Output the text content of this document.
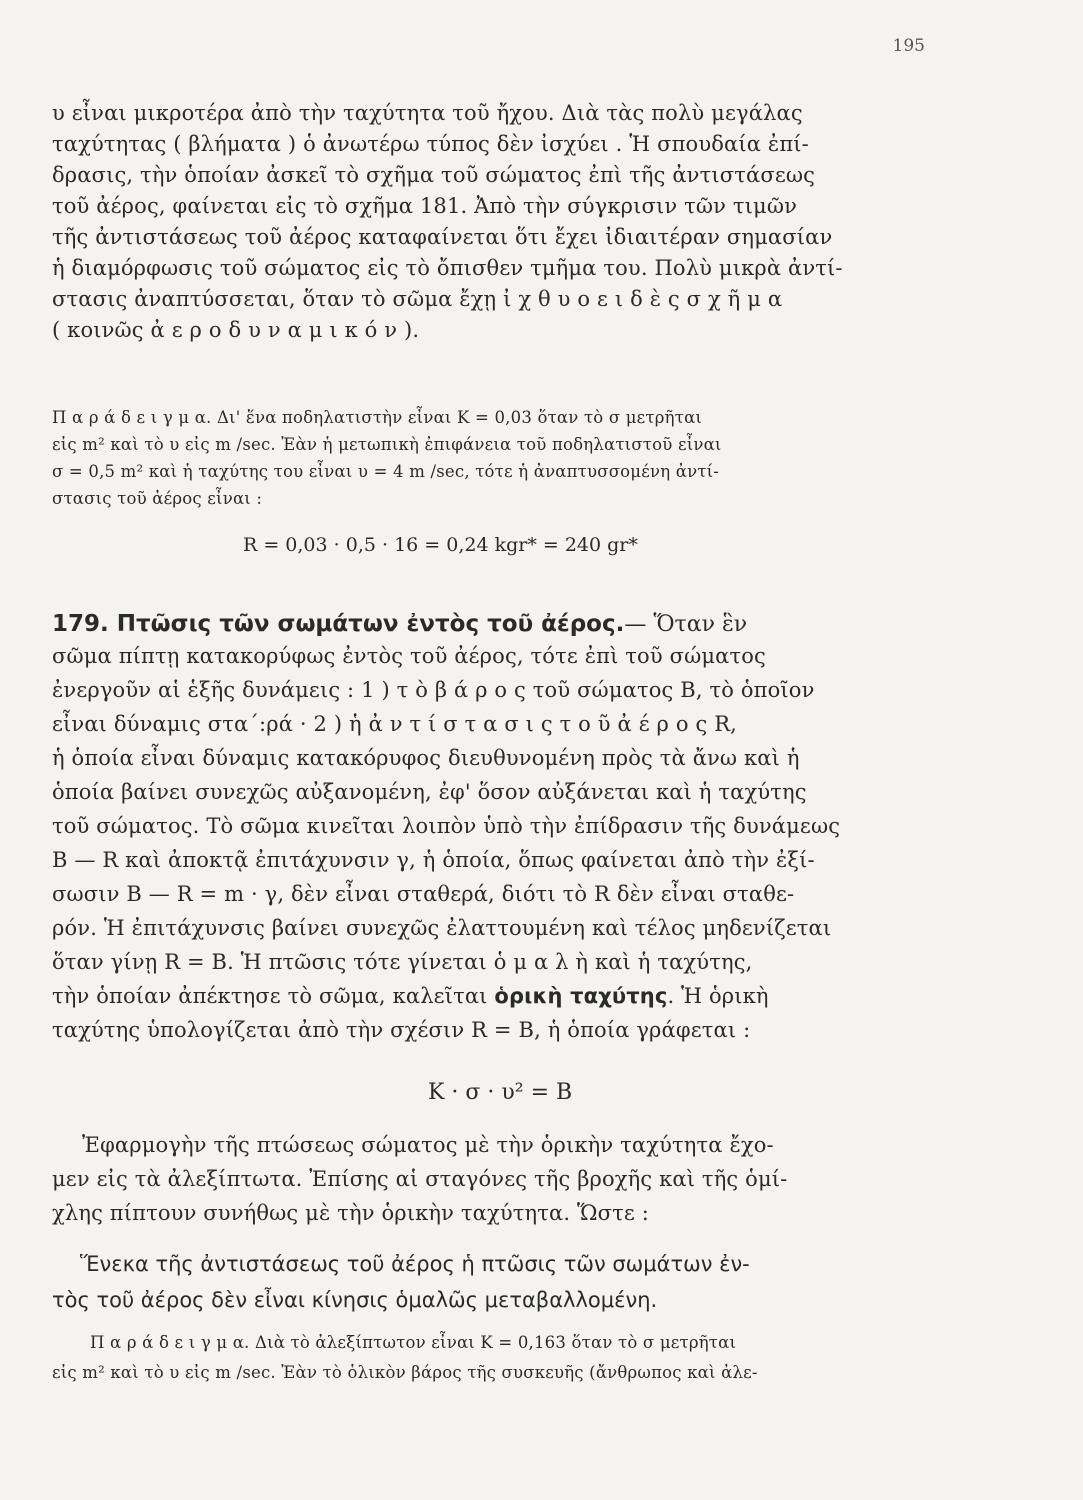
195
υ εἶναι μικροτέρα ἀπὸ τὴν ταχύτητα τοῦ ἤχου. Διὰ τὰς πολὺ μεγάλας
ταχύτητας ( βλήματα ) ὁ ἀνωτέρω τύπος δὲν ἰσχύει . Ἡ σπουδαία ἐπί-
δρασις, τὴν ὁποίαν ἀσκεῖ τὸ σχῆμα τοῦ σώματος ἐπὶ τῆς ἀντιστάσεως
τοῦ ἀέρος, φαίνεται εἰς τὸ σχῆμα 181. Ἀπὸ τὴν σύγκρισιν τῶν τιμῶν
τῆς ἀντιστάσεως τοῦ ἀέρος καταφαίνεται ὅτι ἔχει ἰδιαιτέραν σημασίαν
ἡ διαμόρφωσις τοῦ σώματος εἰς τὸ ὄπισθεν τμῆμα του. Πολὺ μικρὰ ἀντί-
στασις ἀναπτύσσεται, ὅταν τὸ σῶμα ἔχῃ ἰ χ θ υ ο ε ι δ ὲ ς σ χ ῆ μ α
( κοινῶς ἀ ε ρ ο δ υ ν α μ ι κ ό ν ).
Π α ρ ά δ ε ι γ μ α. Δι' ἕνα ποδηλατιστὴν εἶναι K = 0,03 ὅταν τὸ σ μετρῆται
εἰς m² καὶ τὸ υ εἰς m /sec. Ἐὰν ἡ μετωπικὴ ἐπιφάνεια τοῦ ποδηλατιστοῦ εἶναι
σ = 0,5 m² καὶ ἡ ταχύτης του εἶναι υ = 4 m /sec, τότε ἡ ἀναπτυσσομένη ἀντί-
στασις τοῦ ἀέρος εἶναι :
R = 0,03 · 0,5 · 16 = 0,24 kgr* = 240 gr*
179. Πτῶσις τῶν σωμάτων ἐντὸς τοῦ ἀέρος.— Ὅταν ἓν
σῶμα πίπτῃ κατακορύφως ἐντὸς τοῦ ἀέρος, τότε ἐπὶ τοῦ σώματος
ἐνεργοῦν αἱ ἑξῆς δυνάμεις : 1 ) τ ὸ β ά ρ ο ς τοῦ σώματος B, τὸ ὁποῖον
εἶναι δύναμις στα΄:ρά · 2 ) ἡ ἀ ν τ ί σ τ α σ ι ς τ ο ῦ ἀ έ ρ ο ς R,
ἡ ὁποία εἶναι δύναμις κατακόρυφος διευθυνομένη πρὸς τὰ ἄνω καὶ ἡ
ὁποία βαίνει συνεχῶς αὐξανομένη, ἐφ' ὅσον αὐξάνεται καὶ ἡ ταχύτης
τοῦ σώματος. Τὸ σῶμα κινεῖται λοιπὸν ὑπὸ τὴν ἐπίδρασιν τῆς δυνάμεως
B — R καὶ ἀποκτᾷ ἐπιτάχυνσιν γ, ἡ ὁποία, ὅπως φαίνεται ἀπὸ τὴν ἐξί-
σωσιν B — R = m · γ, δὲν εἶναι σταθερά, διότι τὸ R δὲν εἶναι σταθε-
ρόν. Ἡ ἐπιτάχυνσις βαίνει συνεχῶς ἐλαττουμένη καὶ τέλος μηδενίζεται
ὅταν γίνῃ R = B. Ἡ πτῶσις τότε γίνεται ὁ μ α λ ὴ καὶ ἡ ταχύτης,
τὴν ὁποίαν ἀπέκτησε τὸ σῶμα, καλεῖται ὁρικὴ ταχύτης. Ἡ ὁρικὴ
ταχύτης ὑπολογίζεται ἀπὸ τὴν σχέσιν R = B, ἡ ὁποία γράφεται :
K · σ · υ² = B
Ἐφαρμογὴν τῆς πτώσεως σώματος μὲ τὴν ὁρικὴν ταχύτητα ἔχο-
μεν εἰς τὰ ἀλεξίπτωτα. Ἐπίσης αἱ σταγόνες τῆς βροχῆς καὶ τῆς ὁμί-
χλης πίπτουν συνήθως μὲ τὴν ὁρικὴν ταχύτητα. Ὥστε :
Ἕνεκα τῆς ἀντιστάσεως τοῦ ἀέρος ἡ πτῶσις τῶν σωμάτων ἐν-
τὸς τοῦ ἀέρος δὲν εἶναι κίνησις ὁμαλῶς μεταβαλλομένη.
Π α ρ ά δ ε ι γ μ α. Διὰ τὸ ἀλεξίπτωτον εἶναι K = 0,163 ὅταν τὸ σ μετρῆται
εἰς m² καὶ τὸ υ εἰς m /sec. Ἐὰν τὸ ὁλικὸν βάρος τῆς συσκευῆς (ἄνθρωπος καὶ ἀλε-
